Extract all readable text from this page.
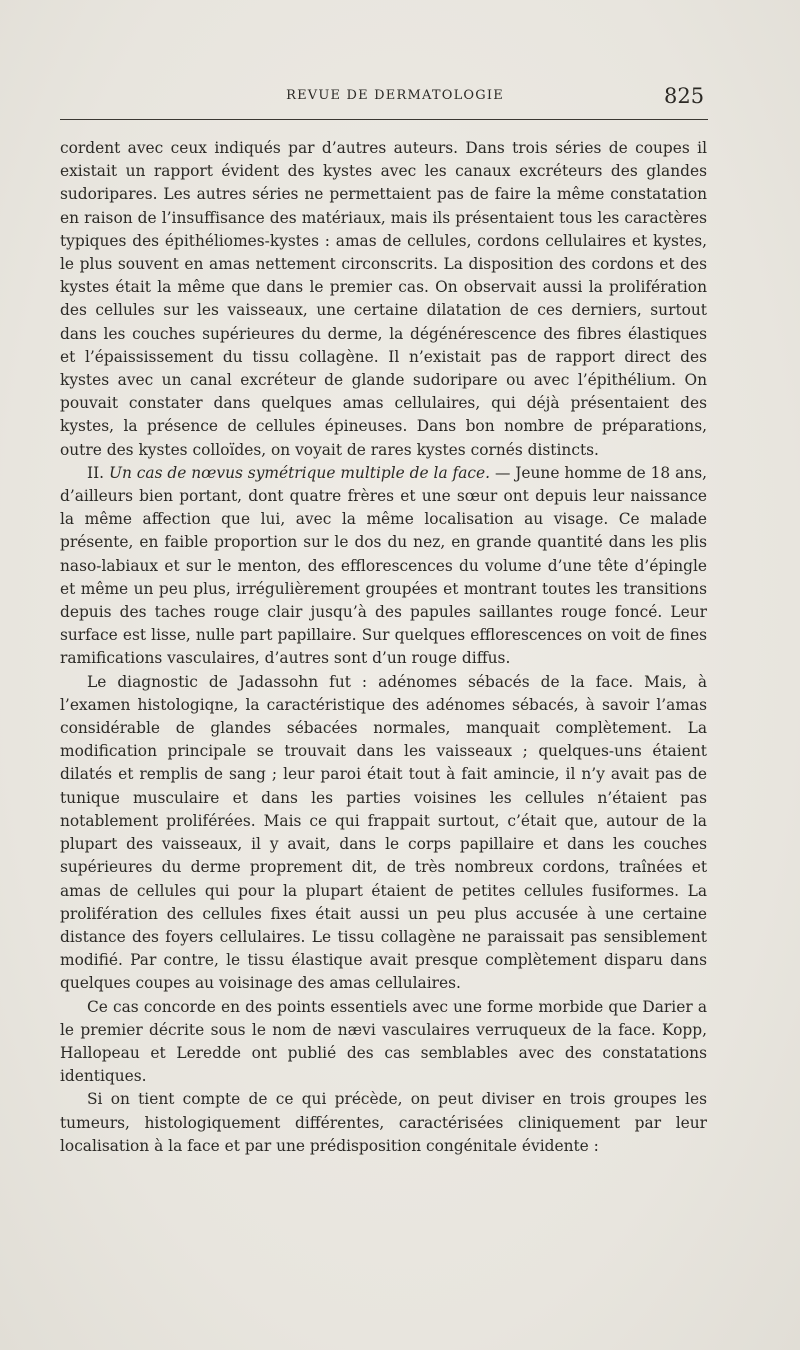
REVUE DE DERMATOLOGIE	825

cordent avec ceux indiqués par d’autres auteurs. Dans trois séries de coupes il existait un rapport évident des kystes avec les canaux excréteurs des glandes sudoripares. Les autres séries ne permettaient pas de faire la même constatation en raison de l’insuffisance des matériaux, mais ils présentaient tous les caractères typiques des épithéliomes-kystes : amas de cellules, cordons cellulaires et kystes, le plus souvent en amas nettement circonscrits. La disposition des cordons et des kystes était la même que dans le premier cas. On observait aussi la prolifération des cellules sur les vaisseaux, une certaine dilatation de ces derniers, surtout dans les couches supérieures du derme, la dégénérescence des fibres élastiques et l’épaississement du tissu collagène. Il n’existait pas de rapport direct des kystes avec un canal excréteur de glande sudoripare ou avec l’épithélium. On pouvait constater dans quelques amas cellulaires, qui déjà présentaient des kystes, la présence de cellules épineuses. Dans bon nombre de préparations, outre des kystes colloïdes, on voyait de rares kystes cornés distincts.

II. Un cas de nœvus symétrique multiple de la face. — Jeune homme de 18 ans, d’ailleurs bien portant, dont quatre frères et une sœur ont depuis leur naissance la même affection que lui, avec la même localisation au visage. Ce malade présente, en faible proportion sur le dos du nez, en grande quantité dans les plis naso-labiaux et sur le menton, des efflorescences du volume d’une tête d’épingle et même un peu plus, irrégulièrement groupées et montrant toutes les transitions depuis des taches rouge clair jusqu’à des papules saillantes rouge foncé. Leur surface est lisse, nulle part papillaire. Sur quelques efflorescences on voit de fines ramifications vasculaires, d’autres sont d’un rouge diffus.

Le diagnostic de Jadassohn fut : adénomes sébacés de la face. Mais, à l’examen histologiqne, la caractéristique des adénomes sébacés, à savoir l’amas considérable de glandes sébacées normales, manquait complètement. La modification principale se trouvait dans les vaisseaux ; quelques-uns étaient dilatés et remplis de sang ; leur paroi était tout à fait amincie, il n’y avait pas de tunique musculaire et dans les parties voisines les cellules n’étaient pas notablement proliférées. Mais ce qui frappait surtout, c’était que, autour de la plupart des vaisseaux, il y avait, dans le corps papillaire et dans les couches supérieures du derme proprement dit, de très nombreux cordons, traînées et amas de cellules qui pour la plupart étaient de petites cellules fusiformes. La prolifération des cellules fixes était aussi un peu plus accusée à une certaine distance des foyers cellulaires. Le tissu collagène ne paraissait pas sensiblement modifié. Par contre, le tissu élastique avait presque complètement disparu dans quelques coupes au voisinage des amas cellulaires.

Ce cas concorde en des points essentiels avec une forme morbide que Darier a le premier décrite sous le nom de nævi vasculaires verruqueux de la face. Kopp, Hallopeau et Leredde ont publié des cas semblables avec des constatations identiques.

Si on tient compte de ce qui précède, on peut diviser en trois groupes les tumeurs, histologiquement différentes, caractérisées cliniquement par leur localisation à la face et par une prédisposition congénitale évidente :
